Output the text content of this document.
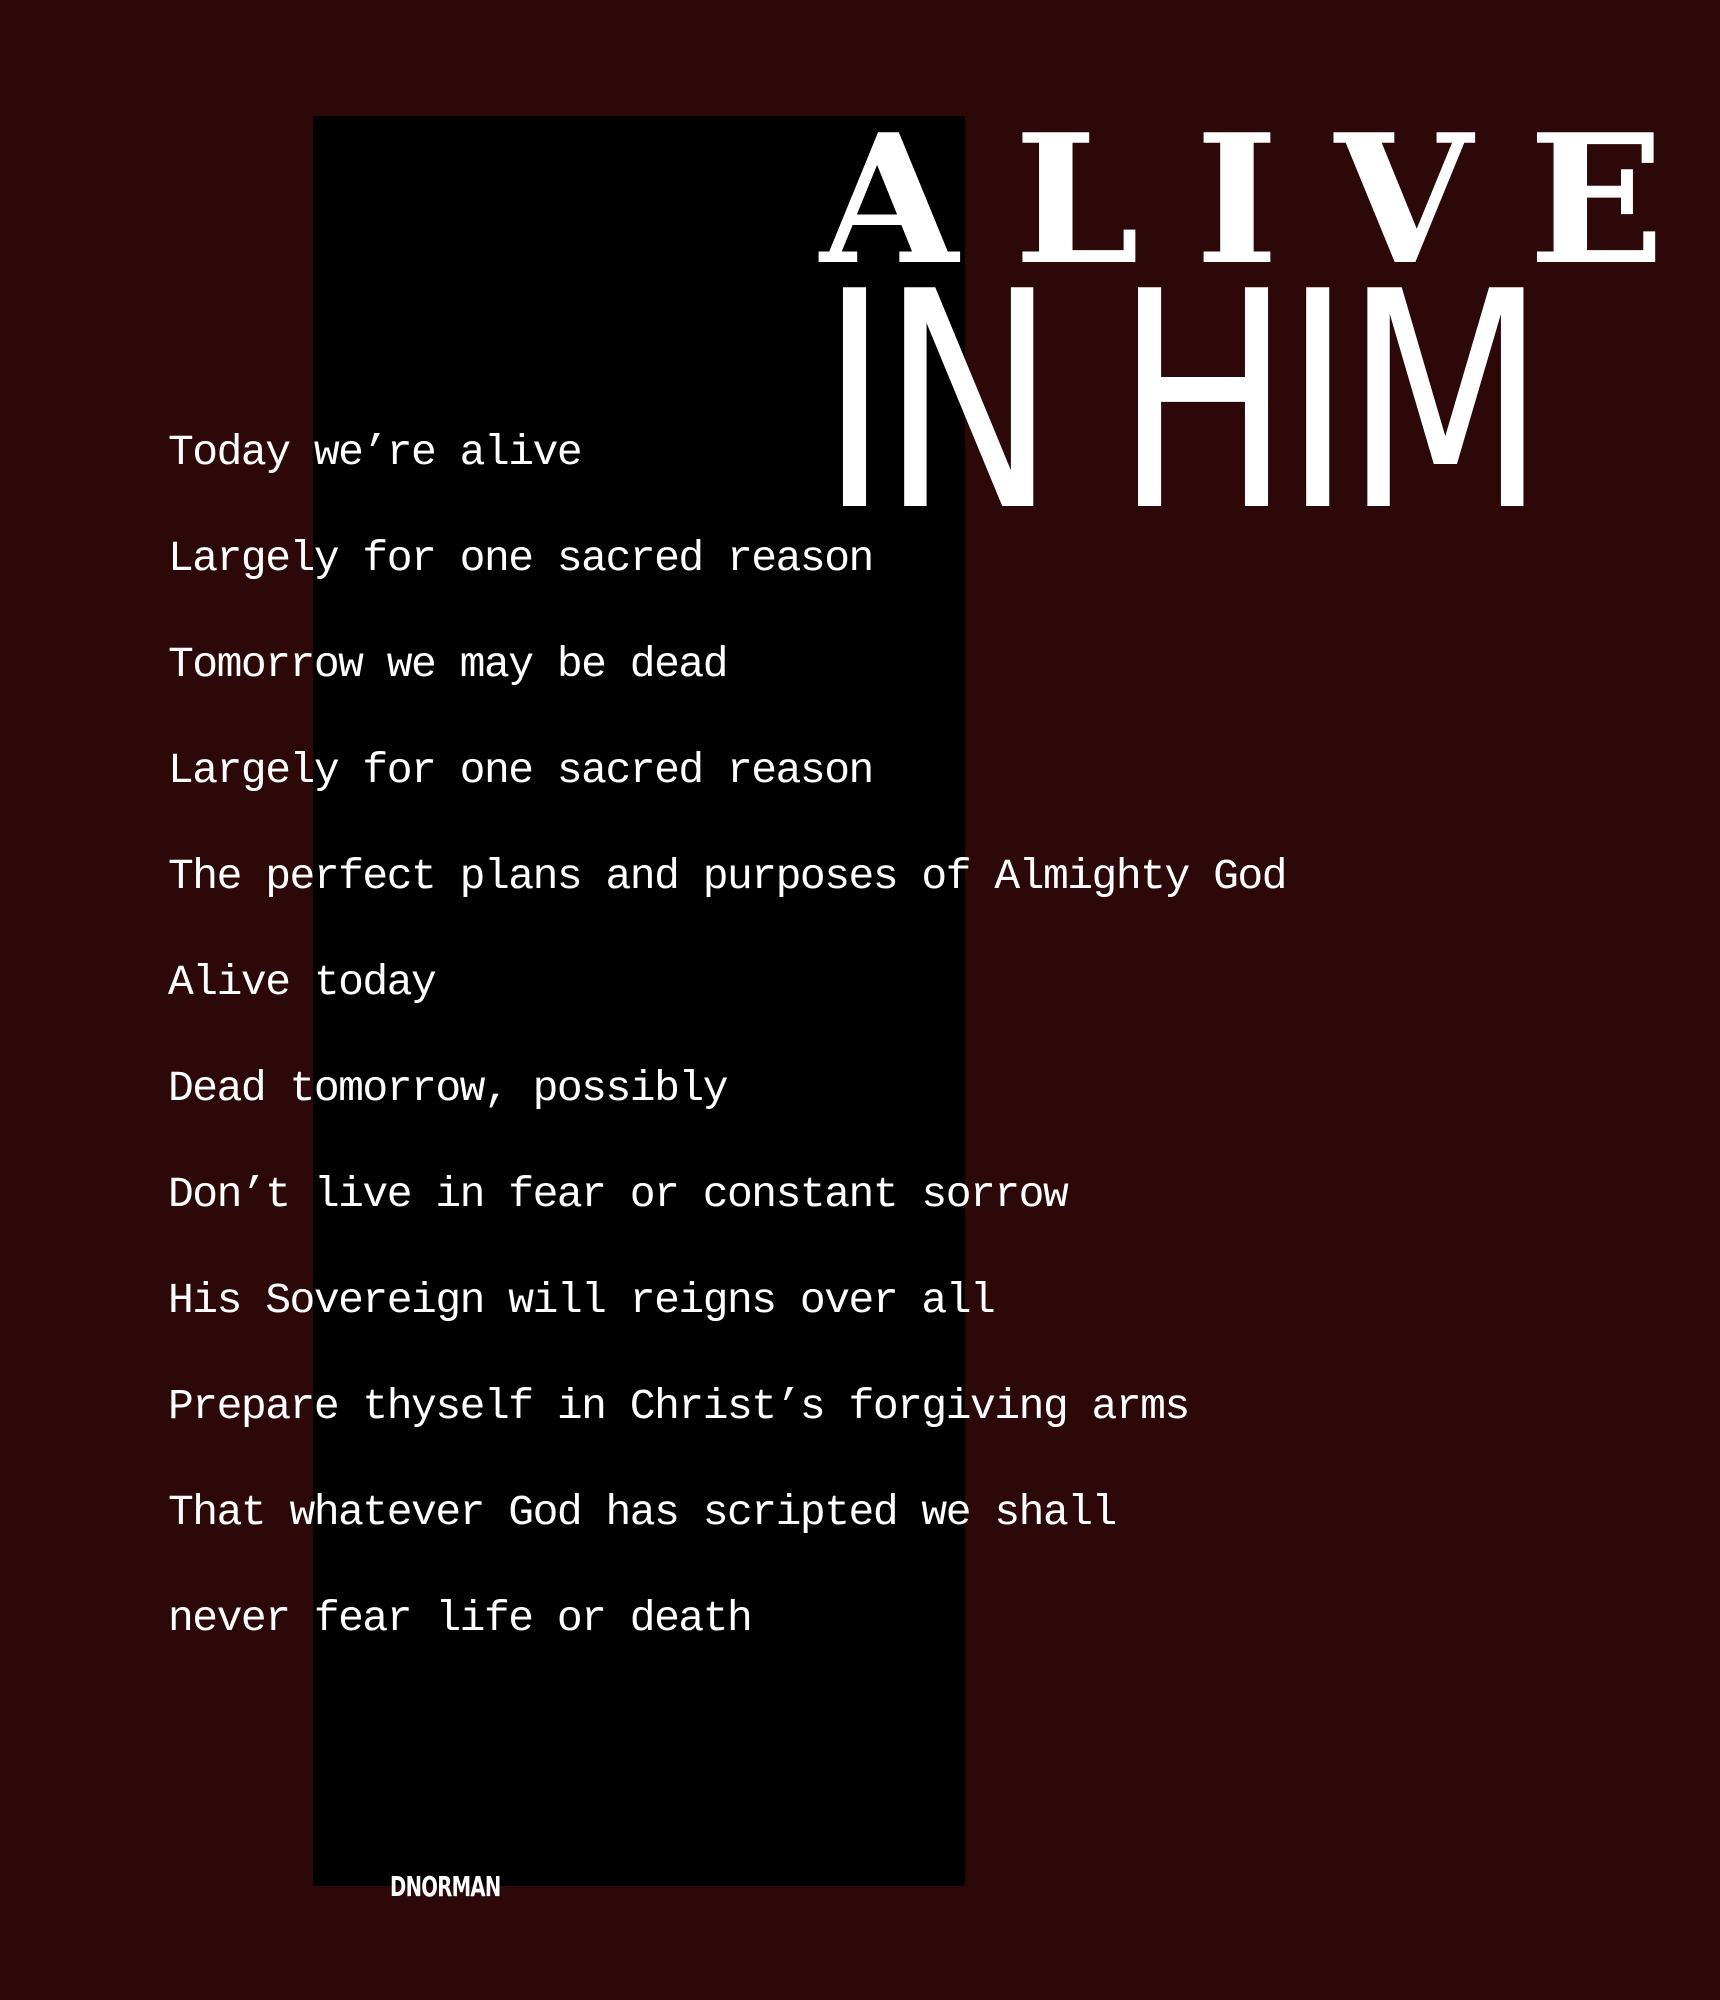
ALIVE
IN HIM
Today we’re alive
Largely for one sacred reason
Tomorrow we may be dead
Largely for one sacred reason
The perfect plans and purposes of Almighty God
Alive today
Dead tomorrow, possibly
Don’t live in fear or constant sorrow
His Sovereign will reigns over all
Prepare thyself in Christ’s forgiving arms
That whatever God has scripted we shall
never fear life or death
DNORMAN
